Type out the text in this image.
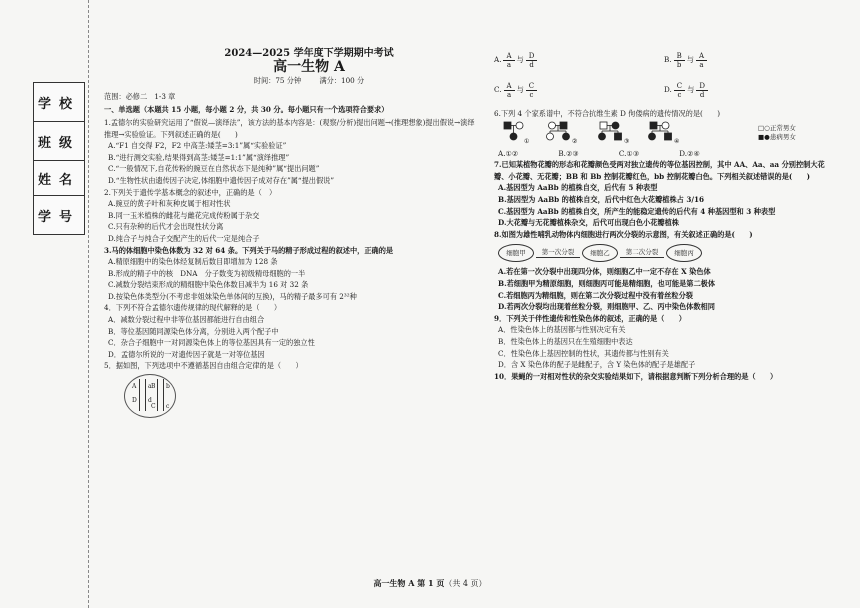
学校
班级
姓名
学号
2024—2025 学年度下学期期中考试
高一生物 A
时间：75 分钟	满分：100 分
范围：必修二　1-3 章
一、单选题（本题共 15 小题，每小题 2 分，共 30 分。每小题只有一个选项符合要求）
1.孟德尔的实验研究运用了“假说—演绎法”，该方法的基本内容是：(观察/分析)提出问题→(推理想象)提出假说→演绎推理→实验验证。下列叙述正确的是(　　)
A.“F1 自交得 F2，F2 中高茎:矮茎=3:1”属“实验验证”
B.“进行测交实验,结果得到高茎:矮茎=1:1”属“演绎推理”
C.“一般情况下,自花传粉的豌豆在自然状态下是纯种”属“提出问题”
D.“生物性状由遗传因子决定,体细胞中遗传因子成对存在”属“提出假说”
2.下列关于遗传学基本概念的叙述中，正确的是（　）
A.豌豆的黄子叶和灰种皮属于相对性状
B.同一玉米植株的雌花与雌花完成传粉属于杂交
C.只有杂种的后代才会出现性状分离
D.纯合子与纯合子交配产生的后代一定是纯合子
3.马的体细胞中染色体数为 32 对 64 条。下列关于马的精子形成过程的叙述中，正确的是
A.精原细胞中的染色体经复制后数目即增加为 128 条
B.形成的精子中的核　DNA　分子数变为初级精母细胞的一半
C.减数分裂结束形成的精细胞中染色体数目减半为 16 对 32 条
D.按染色体类型分(不考虑非姐妹染色单体间的互换)，马的精子最多可有 2³²种
4．下列不符合孟德尔遗传规律的现代解释的是（　　）
A．减数分裂过程中非等位基因都能进行自由组合
B．等位基因随同源染色体分离，分别进入两个配子中
C．杂合子细胞中一对同源染色体上的等位基因具有一定的独立性
D．孟德尔所说的一对遗传因子就是一对等位基因
5．据如图，下列选项中不遵循基因自由组合定律的是（　　）
A a B b
D d
C c
A. A
a
与 D
d
B. B
b
与 A
a
C. A
a
与 C
c
D. C
c
与 D
d
6.下列 4 个家系谱中，不符合抗维生素 D 佝偻病的遗传情况的是(　　)
①	②	③	④
□○正常男女
■●患病男女
A.①②	B.②③	C.①③	D.②④
7.已知某植物花瓣的形态和花瓣颜色受两对独立遗传的等位基因控制，其中 AA、Aa、aa 分别控制大花瓣、小花瓣、无花瓣；BB 和 Bb 控制花瓣红色，bb 控制花瓣白色。下列相关叙述错误的是(　　)
A.基因型为 AaBb 的植株自交，后代有 5 种表型
B.基因型为 AaBb 的植株自交，后代中红色大花瓣植株占 3/16
C.基因型为 AaBb 的植株自交，所产生的能稳定遗传的后代有 4 种基因型和 3 种表型
D.大花瓣与无花瓣植株杂交，后代可出现白色小花瓣植株
8.如图为雄性哺乳动物体内细胞进行两次分裂的示意图，有关叙述正确的是(　　)
细胞甲	第一次分裂	细胞乙	第二次分裂	细胞丙
A.若在第一次分裂中出现四分体，则细胞乙中一定不存在 X 染色体
B.若细胞甲为精原细胞，则细胞丙可能是精细胞，也可能是第二极体
C.若细胞丙为精细胞，则在第二次分裂过程中没有着丝粒分裂
D.若两次分裂均出现着丝粒分裂，则细胞甲、乙、丙中染色体数相同
9．下列关于伴性遗传和性染色体的叙述，正确的是（　　）
A．性染色体上的基因都与性别决定有关
B．性染色体上的基因只在生殖细胞中表达
C．性染色体上基因控制的性状，其遗传都与性别有关
D．含 X 染色体的配子是雌配子，含 Y 染色体的配子是雄配子
10．果蝇的一对相对性状的杂交实验结果如下，请根据意判断下列分析合理的是（　　）
高一生物 A 第 1 页（共 4 页）
